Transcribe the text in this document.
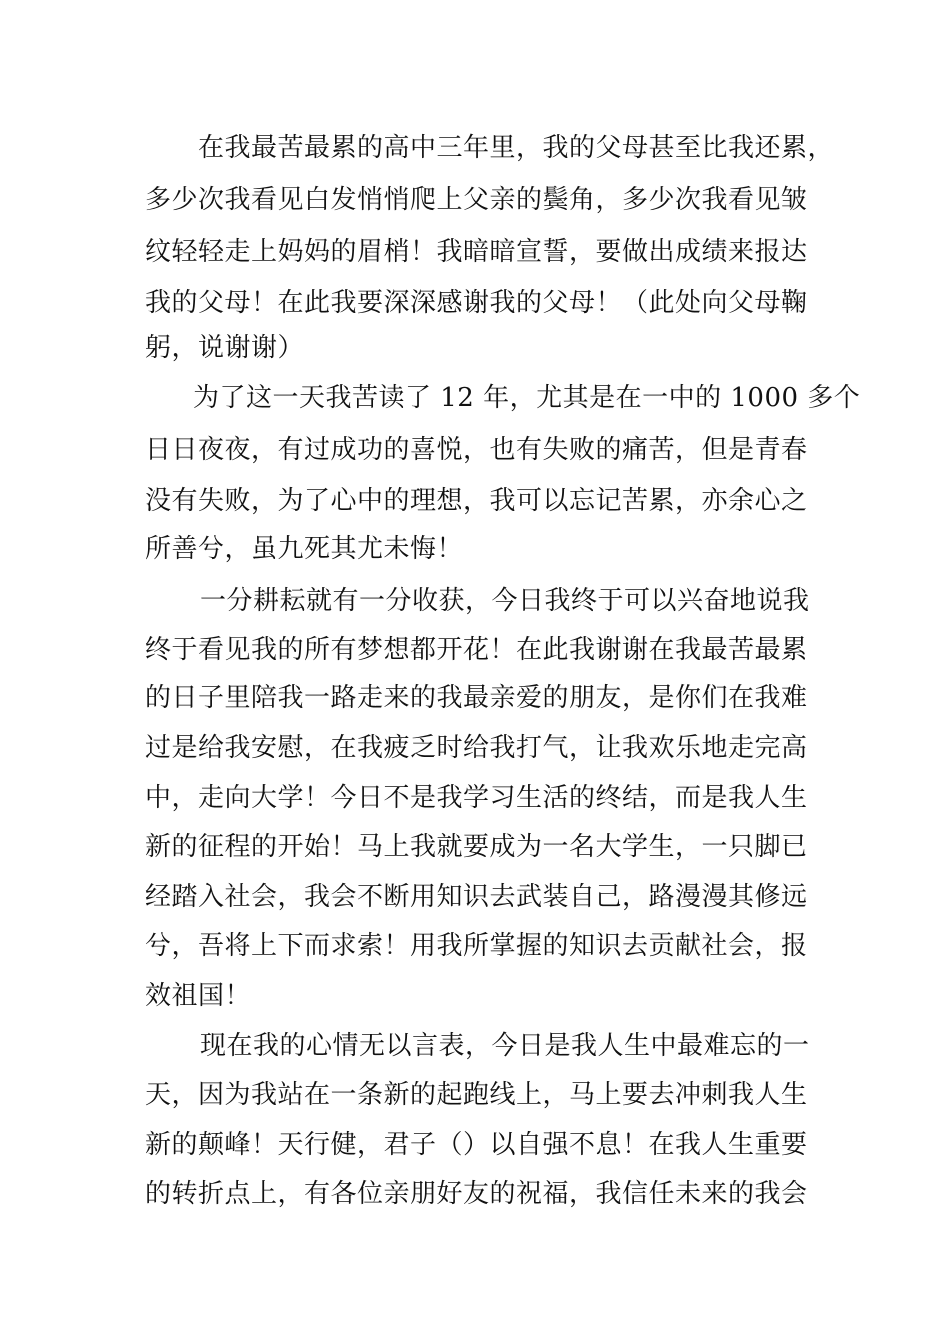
在我最苦最累的高中三年里，我的父母甚至比我还累，
多少次我看见白发悄悄爬上父亲的鬓角，多少次我看见皱
纹轻轻走上妈妈的眉梢！我暗暗宣誓，要做出成绩来报达
我的父母！在此我要深深感谢我的父母！（此处向父母鞠
躬，说谢谢）
为了这一天我苦读了 12 年，尤其是在一中的 1000 多个
日日夜夜，有过成功的喜悦，也有失败的痛苦，但是青春
没有失败，为了心中的理想，我可以忘记苦累，亦余心之
所善兮，虽九死其尤未悔！
一分耕耘就有一分收获，今日我终于可以兴奋地说我
终于看见我的所有梦想都开花！在此我谢谢在我最苦最累
的日子里陪我一路走来的我最亲爱的朋友，是你们在我难
过是给我安慰，在我疲乏时给我打气，让我欢乐地走完高
中，走向大学！今日不是我学习生活的终结，而是我人生
新的征程的开始！马上我就要成为一名大学生，一只脚已
经踏入社会，我会不断用知识去武装自己，路漫漫其修远
兮，吾将上下而求索！用我所掌握的知识去贡献社会，报
效祖国！
现在我的心情无以言表，今日是我人生中最难忘的一
天，因为我站在一条新的起跑线上，马上要去冲刺我人生
新的颠峰！天行健，君子（）以自强不息！在我人生重要
的转折点上，有各位亲朋好友的祝福，我信任未来的我会
